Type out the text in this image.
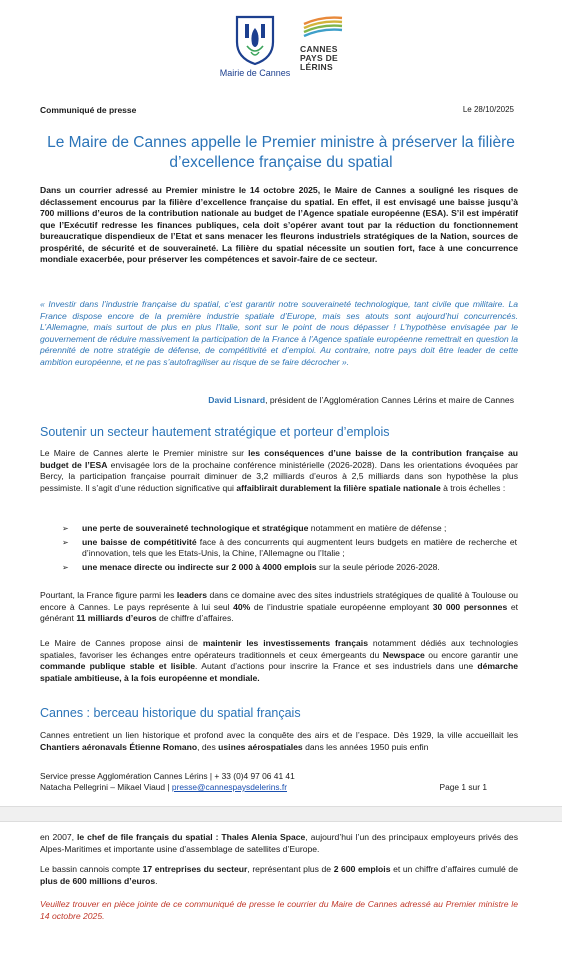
Mairie de Cannes
CANNES
PAYS DE
LÉRINS
Communiqué de presse	Le 28/10/2025
Le Maire de Cannes appelle le Premier ministre à préserver la filière d’excellence française du spatial
Dans un courrier adressé au Premier ministre le 14 octobre 2025, le Maire de Cannes a souligné les risques de déclassement encourus par la filière d’excellence française du spatial. En effet, il est envisagé une baisse jusqu’à 700 millions d’euros de la contribution nationale au budget de l’Agence spatiale européenne (ESA). S’il est impératif que l’Exécutif redresse les finances publiques, cela doit s’opérer avant tout par la réduction du fonctionnement bureaucratique dispendieux de l’Etat et sans menacer les fleurons industriels stratégiques de la Nation, sources de prospérité, de sécurité et de souveraineté. La filière du spatial nécessite un soutien fort, face à une concurrence mondiale exacerbée, pour préserver les compétences et savoir-faire de ce secteur.
« Investir dans l’industrie française du spatial, c’est garantir notre souveraineté technologique, tant civile que militaire. La France dispose encore de la première industrie spatiale d’Europe, mais ses atouts sont aujourd’hui concurrencés. L’Allemagne, mais surtout de plus en plus l’Italie, sont sur le point de nous dépasser ! L’hypothèse envisagée par le gouvernement de réduire massivement la participation de la France à l’Agence spatiale européenne remettrait en question la pérennité de notre stratégie de défense, de compétitivité et d’emploi. Au contraire, notre pays doit être leader de cette ambition européenne, et ne pas s’autofragiliser au risque de se faire décrocher ».
David Lisnard, président de l’Agglomération Cannes Lérins et maire de Cannes
Soutenir un secteur hautement stratégique et porteur d’emplois
Le Maire de Cannes alerte le Premier ministre sur les conséquences d’une baisse de la contribution française au budget de l’ESA envisagée lors de la prochaine conférence ministérielle (2026-2028). Dans les orientations évoquées par Bercy, la participation française pourrait diminuer de 3,2 milliards d’euros à 2,5 milliards dans son hypothèse la plus pessimiste. Il s’agit d’une réduction significative qui affaiblirait durablement la filière spatiale nationale à trois échelles :
➢ une perte de souveraineté technologique et stratégique notamment en matière de défense ;
➢ une baisse de compétitivité face à des concurrents qui augmentent leurs budgets en matière de recherche et d’innovation, tels que les Etats-Unis, la Chine, l’Allemagne ou l’Italie ;
➢ une menace directe ou indirecte sur 2 000 à 4000 emplois sur la seule période 2026-2028.
Pourtant, la France figure parmi les leaders dans ce domaine avec des sites industriels stratégiques de qualité à Toulouse ou encore à Cannes. Le pays représente à lui seul 40% de l’industrie spatiale européenne employant 30 000 personnes et générant 11 milliards d’euros de chiffre d’affaires.
Le Maire de Cannes propose ainsi de maintenir les investissements français notamment dédiés aux technologies spatiales, favoriser les échanges entre opérateurs traditionnels et ceux émergeants du Newspace ou encore garantir une commande publique stable et lisible. Autant d’actions pour inscrire la France et ses industriels dans une démarche spatiale ambitieuse, à la fois européenne et mondiale.
Cannes : berceau historique du spatial français
Cannes entretient un lien historique et profond avec la conquête des airs et de l’espace. Dès 1929, la ville accueillait les Chantiers aéronavals Étienne Romano, des usines aérospatiales dans les années 1950 puis enfin
Service presse Agglomération Cannes Lérins | + 33 (0)4 97 06 41 41
Natacha Pellegrini – Mikael Viaud | presse@cannespaysdelerins.fr	Page 1 sur 1
en 2007, le chef de file français du spatial : Thales Alenia Space, aujourd’hui l’un des principaux employeurs privés des Alpes-Maritimes et importante usine d’assemblage de satellites d’Europe.
Le bassin cannois compte 17 entreprises du secteur, représentant plus de 2 600 emplois et un chiffre d’affaires cumulé de plus de 600 millions d’euros.
Veuillez trouver en pièce jointe de ce communiqué de presse le courrier du Maire de Cannes adressé au Premier ministre le 14 octobre 2025.
